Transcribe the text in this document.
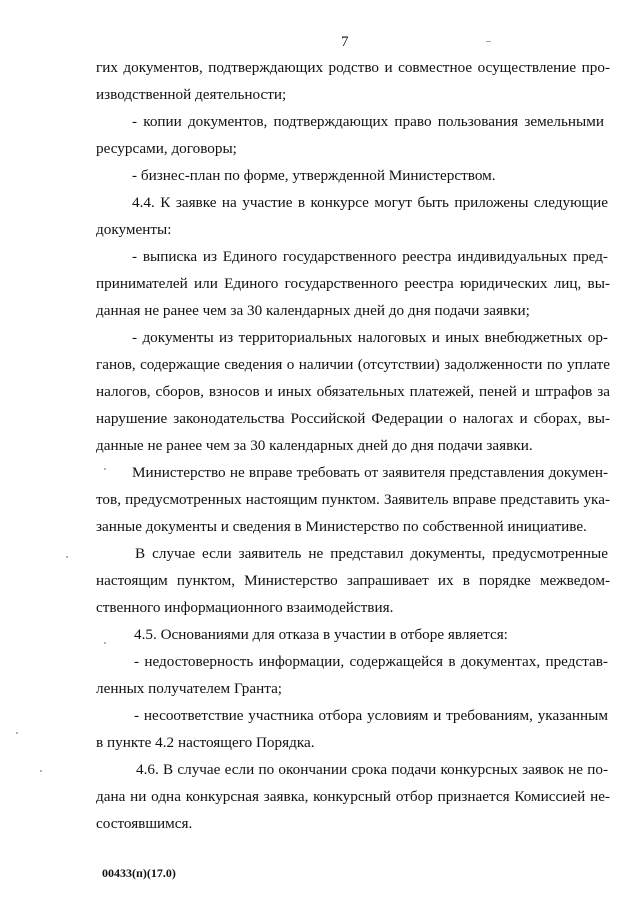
7
гих документов, подтверждающих родство и совместное осуществление про-
изводственной деятельности;
- копии документов, подтверждающих право пользования земельными
ресурсами, договоры;
- бизнес-план по форме, утвержденной Министерством.
4.4. К заявке на участие в конкурсе могут быть приложены следующие
документы:
- выписка из Единого государственного реестра индивидуальных пред-
принимателей или Единого государственного реестра юридических лиц, вы-
данная не ранее чем за 30 календарных дней до дня подачи заявки;
- документы из территориальных налоговых и иных внебюджетных ор-
ганов, содержащие сведения о наличии (отсутствии) задолженности по уплате
налогов, сборов, взносов и иных обязательных платежей, пеней и штрафов за
нарушение законодательства Российской Федерации о налогах и сборах, вы-
данные не ранее чем за 30 календарных дней до дня подачи заявки.
Министерство не вправе требовать от заявителя представления докумен-
тов, предусмотренных настоящим пунктом. Заявитель вправе представить ука-
занные документы и сведения в Министерство по собственной инициативе.
В случае если заявитель не представил документы, предусмотренные
настоящим пунктом, Министерство запрашивает их в порядке межведом-
ственного информационного взаимодействия.
4.5. Основаниями для отказа в участии в отборе является:
- недостоверность информации, содержащейся в документах, представ-
ленных получателем Гранта;
- несоответствие участника отбора условиям и требованиям, указанным
в пункте 4.2 настоящего Порядка.
4.6. В случае если по окончании срока подачи конкурсных заявок не по-
дана ни одна конкурсная заявка, конкурсный отбор признается Комиссией не-
состоявшимся.
00433(п)(17.0)
